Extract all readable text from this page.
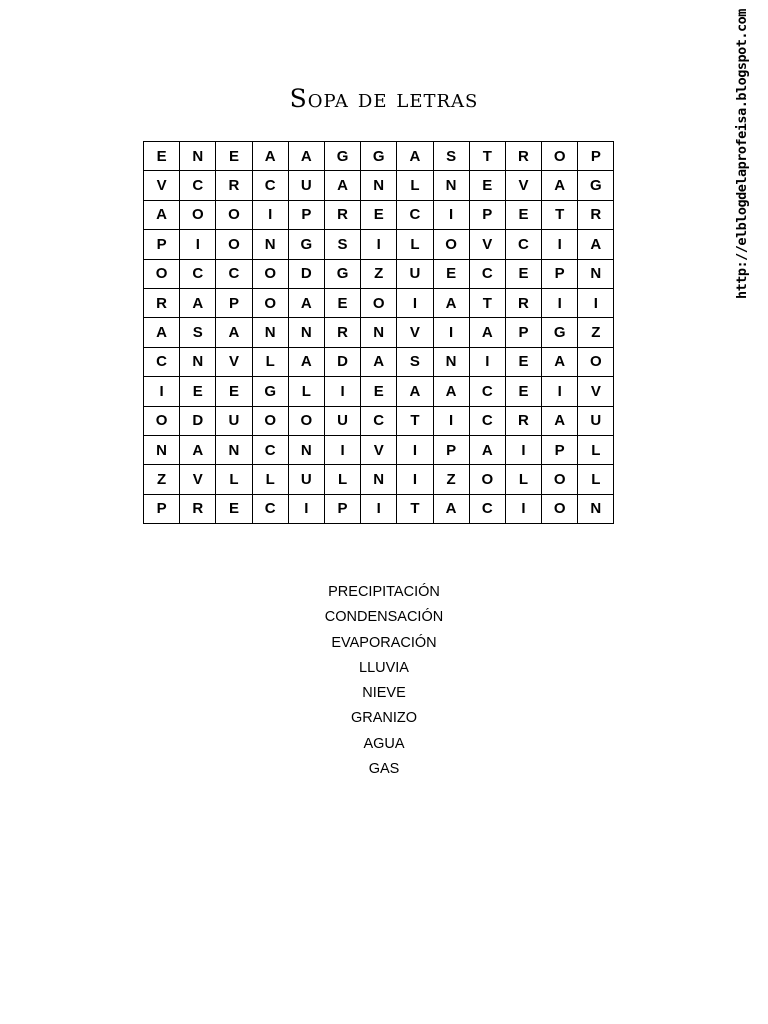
Sopa de letras
E	N	E	A	A	G	G	A	S	T	R	O	P
V	C	R	C	U	A	N	L	N	E	V	A	G
A	O	O	I	P	R	E	C	I	P	E	T	R
P	I	O	N	G	S	I	L	O	V	C	I	A
O	C	C	O	D	G	Z	U	E	C	E	P	N
R	A	P	O	A	E	O	I	A	T	R	I	I
A	S	A	N	N	R	N	V	I	A	P	G	Z
C	N	V	L	A	D	A	S	N	I	E	A	O
I	E	E	G	L	I	E	A	A	C	E	I	V
O	D	U	O	O	U	C	T	I	C	R	A	U
N	A	N	C	N	I	V	I	P	A	I	P	L
Z	V	L	L	U	L	N	I	Z	O	L	O	L
P	R	E	C	I	P	I	T	A	C	I	O	N
PRECIPITACIÓN
CONDENSACIÓN
EVAPORACIÓN
LLUVIA
NIEVE
GRANIZO
AGUA
GAS
http://elblogdelaprofeisa.blogspot.com
